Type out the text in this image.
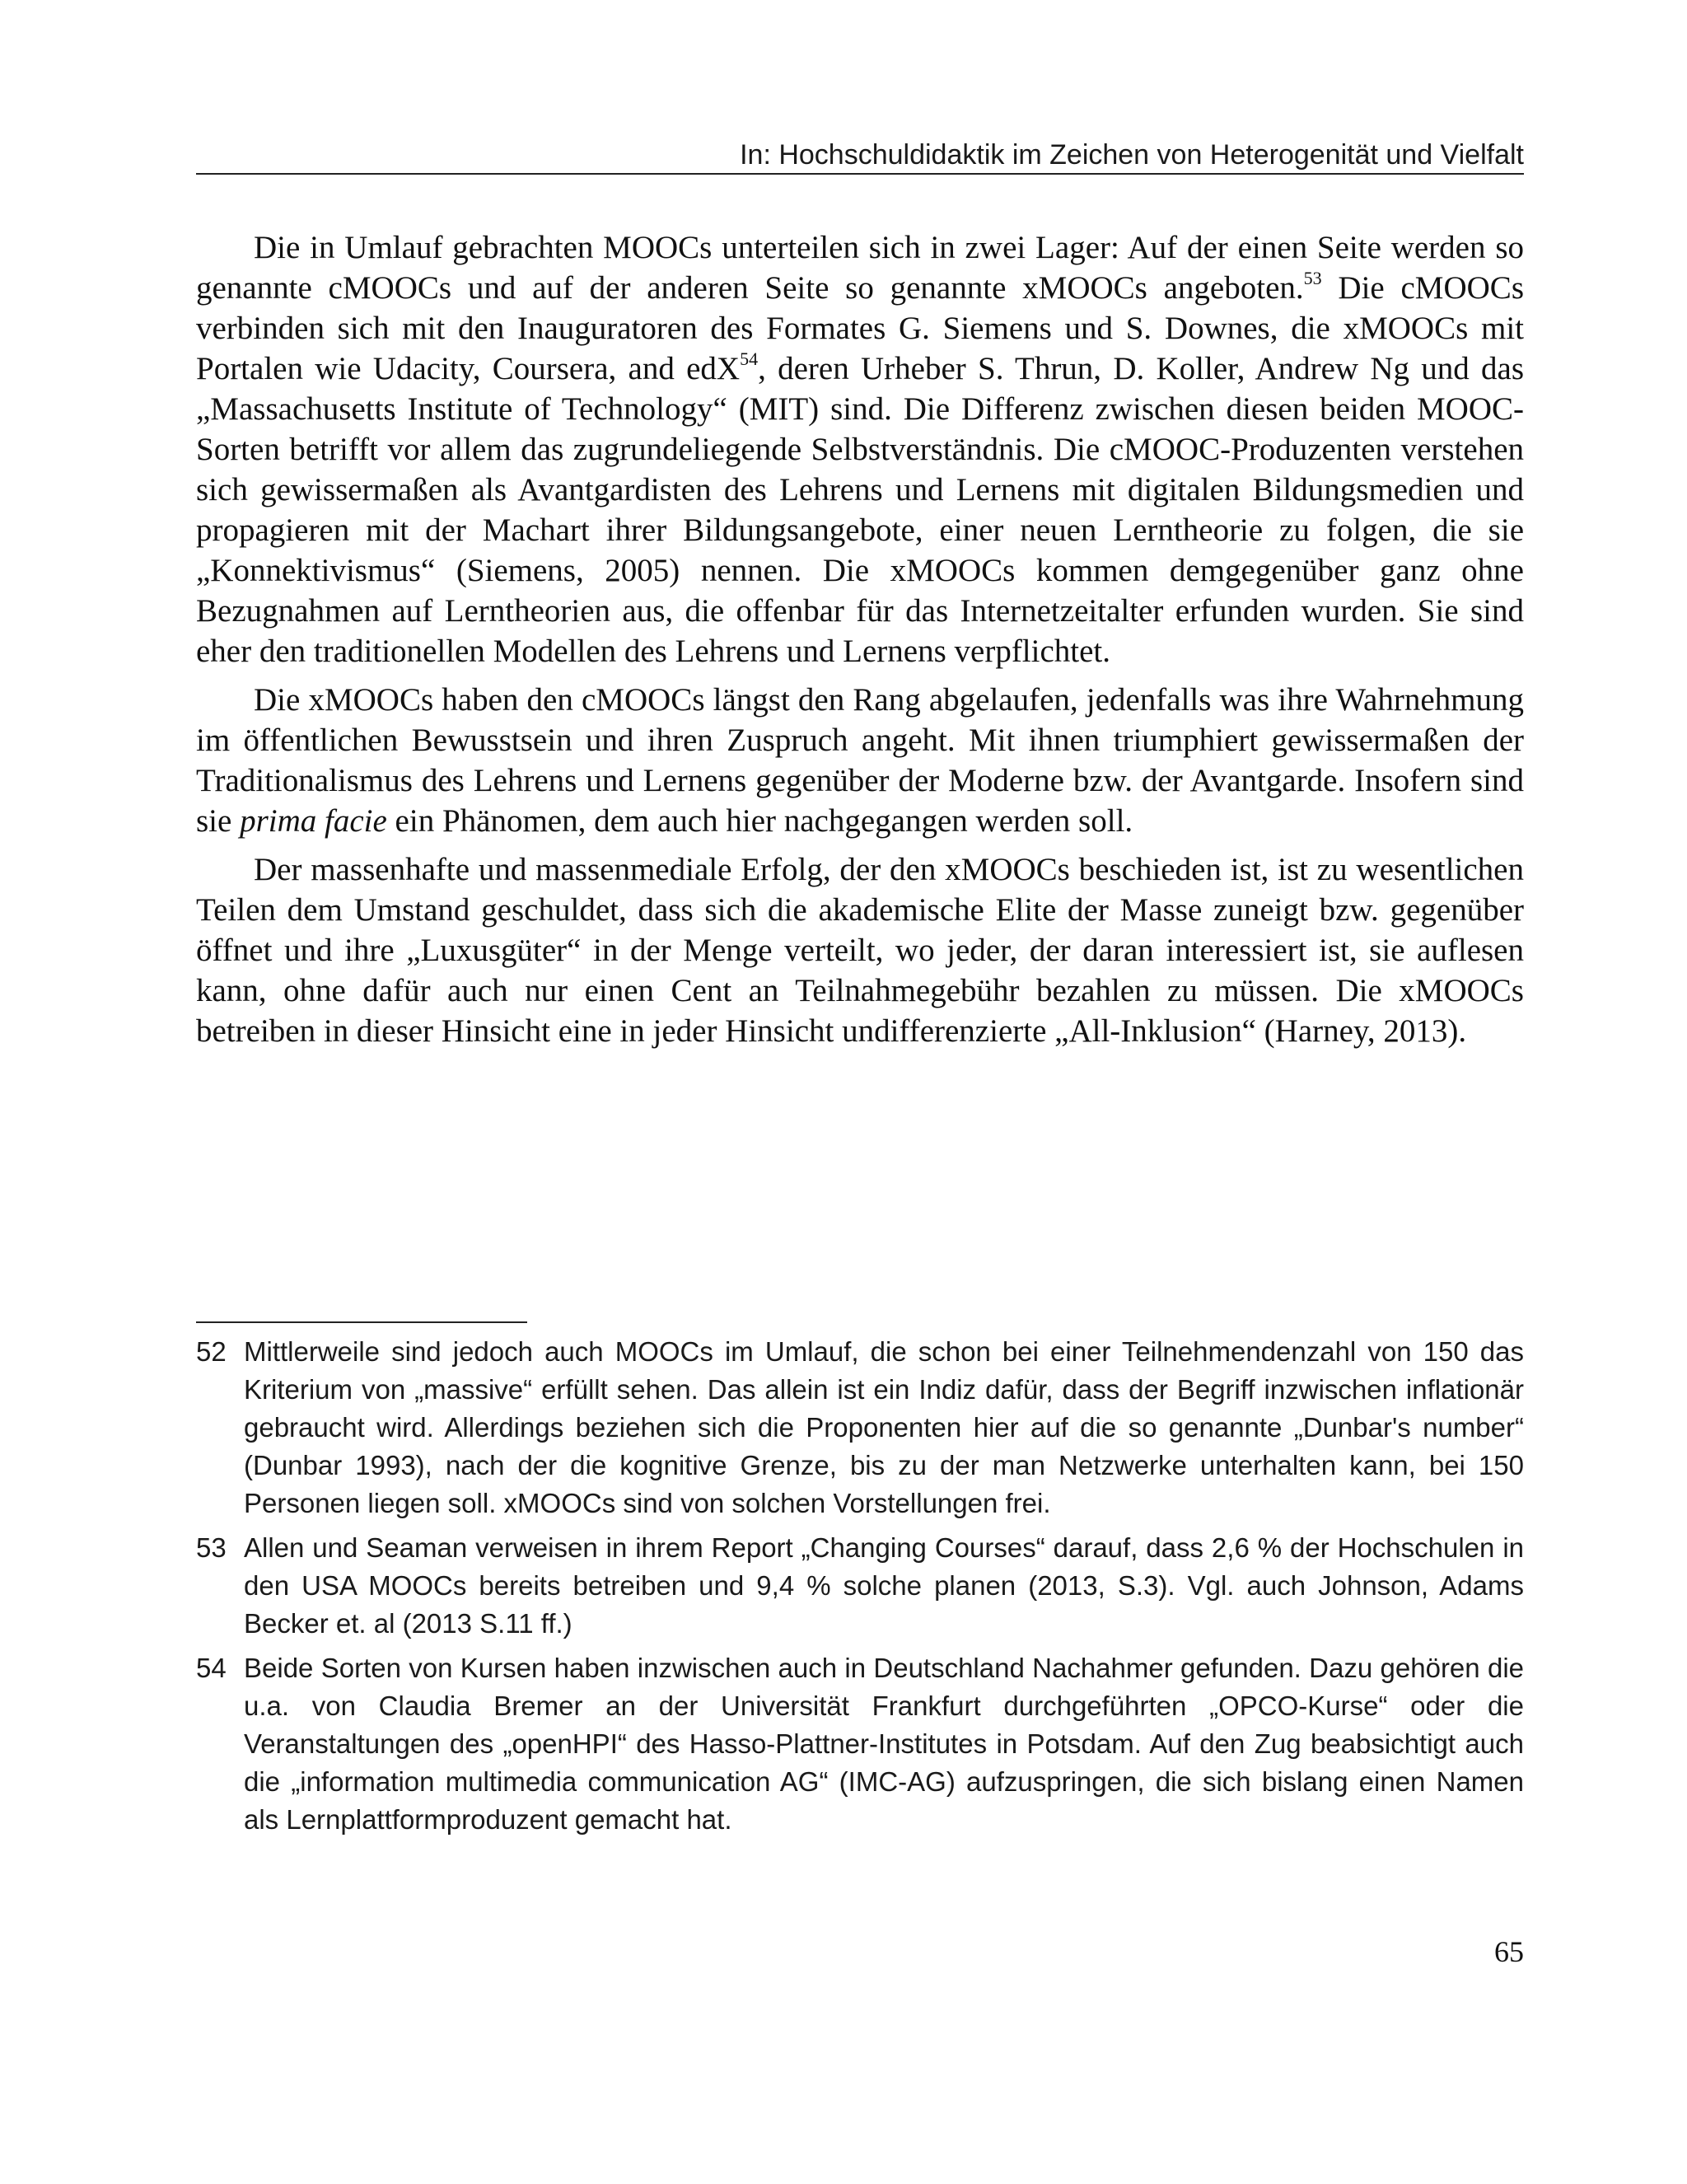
In: Hochschuldidaktik im Zeichen von Heterogenität und Vielfalt

Die in Umlauf gebrachten MOOCs unterteilen sich in zwei Lager: Auf der einen Seite werden so genannte cMOOCs und auf der anderen Seite so genannte xMOOCs angeboten.$^{53}$ Die cMOOCs verbinden sich mit den Inauguratoren des Formates G. Siemens und S. Downes, die xMOOCs mit Portalen wie Udacity, Coursera, and edX$^{54}$, deren Urheber S. Thrun, D. Koller, Andrew Ng und das „Massachusetts Institute of Technology“ (MIT) sind. Die Differenz zwischen diesen beiden MOOC-Sorten betrifft vor allem das zugrundeliegende Selbstverständnis. Die cMOOC-Produzenten verstehen sich gewissermaßen als Avantgardisten des Lehrens und Lernens mit digitalen Bildungsmedien und propagieren mit der Machart ihrer Bildungsangebote, einer neuen Lerntheorie zu folgen, die sie „Konnektivismus“ (Siemens, 2005) nennen. Die xMOOCs kommen demgegenüber ganz ohne Bezugnahmen auf Lerntheorien aus, die offenbar für das Internetzeitalter erfunden wurden. Sie sind eher den traditionellen Modellen des Lehrens und Lernens verpflichtet.

Die xMOOCs haben den cMOOCs längst den Rang abgelaufen, jedenfalls was ihre Wahrnehmung im öffentlichen Bewusstsein und ihren Zuspruch angeht. Mit ihnen triumphiert gewissermaßen der Traditionalismus des Lehrens und Lernens gegenüber der Moderne bzw. der Avantgarde. Insofern sind sie prima facie ein Phänomen, dem auch hier nachgegangen werden soll.

Der massenhafte und massenmediale Erfolg, der den xMOOCs beschieden ist, ist zu wesentlichen Teilen dem Umstand geschuldet, dass sich die akademische Elite der Masse zuneigt bzw. gegenüber öffnet und ihre „Luxusgüter“ in der Menge verteilt, wo jeder, der daran interessiert ist, sie auflesen kann, ohne dafür auch nur einen Cent an Teilnahmegebühr bezahlen zu müssen. Die xMOOCs betreiben in dieser Hinsicht eine in jeder Hinsicht undifferenzierte „All-Inklusion“ (Harney, 2013).

52 Mittlerweile sind jedoch auch MOOCs im Umlauf, die schon bei einer Teilnehmendenzahl von 150 das Kriterium von „massive“ erfüllt sehen. Das allein ist ein Indiz dafür, dass der Begriff inzwischen inflationär gebraucht wird. Allerdings beziehen sich die Proponenten hier auf die so genannte „Dunbar's number“ (Dunbar 1993), nach der die kognitive Grenze, bis zu der man Netzwerke unterhalten kann, bei 150 Personen liegen soll. xMOOCs sind von solchen Vorstellungen frei.
53 Allen und Seaman verweisen in ihrem Report „Changing Courses“ darauf, dass 2,6 % der Hochschulen in den USA MOOCs bereits betreiben und 9,4 % solche planen (2013, S.3). Vgl. auch Johnson, Adams Becker et. al (2013 S.11 ff.)
54 Beide Sorten von Kursen haben inzwischen auch in Deutschland Nachahmer gefunden. Dazu gehören die u.a. von Claudia Bremer an der Universität Frankfurt durchgeführten „OPCO-Kurse“ oder die Veranstaltungen des „openHPI“ des Hasso-Plattner-Institutes in Potsdam. Auf den Zug beabsichtigt auch die „information multimedia communication AG“ (IMC-AG) aufzuspringen, die sich bislang einen Namen als Lernplattformproduzent gemacht hat.
65
